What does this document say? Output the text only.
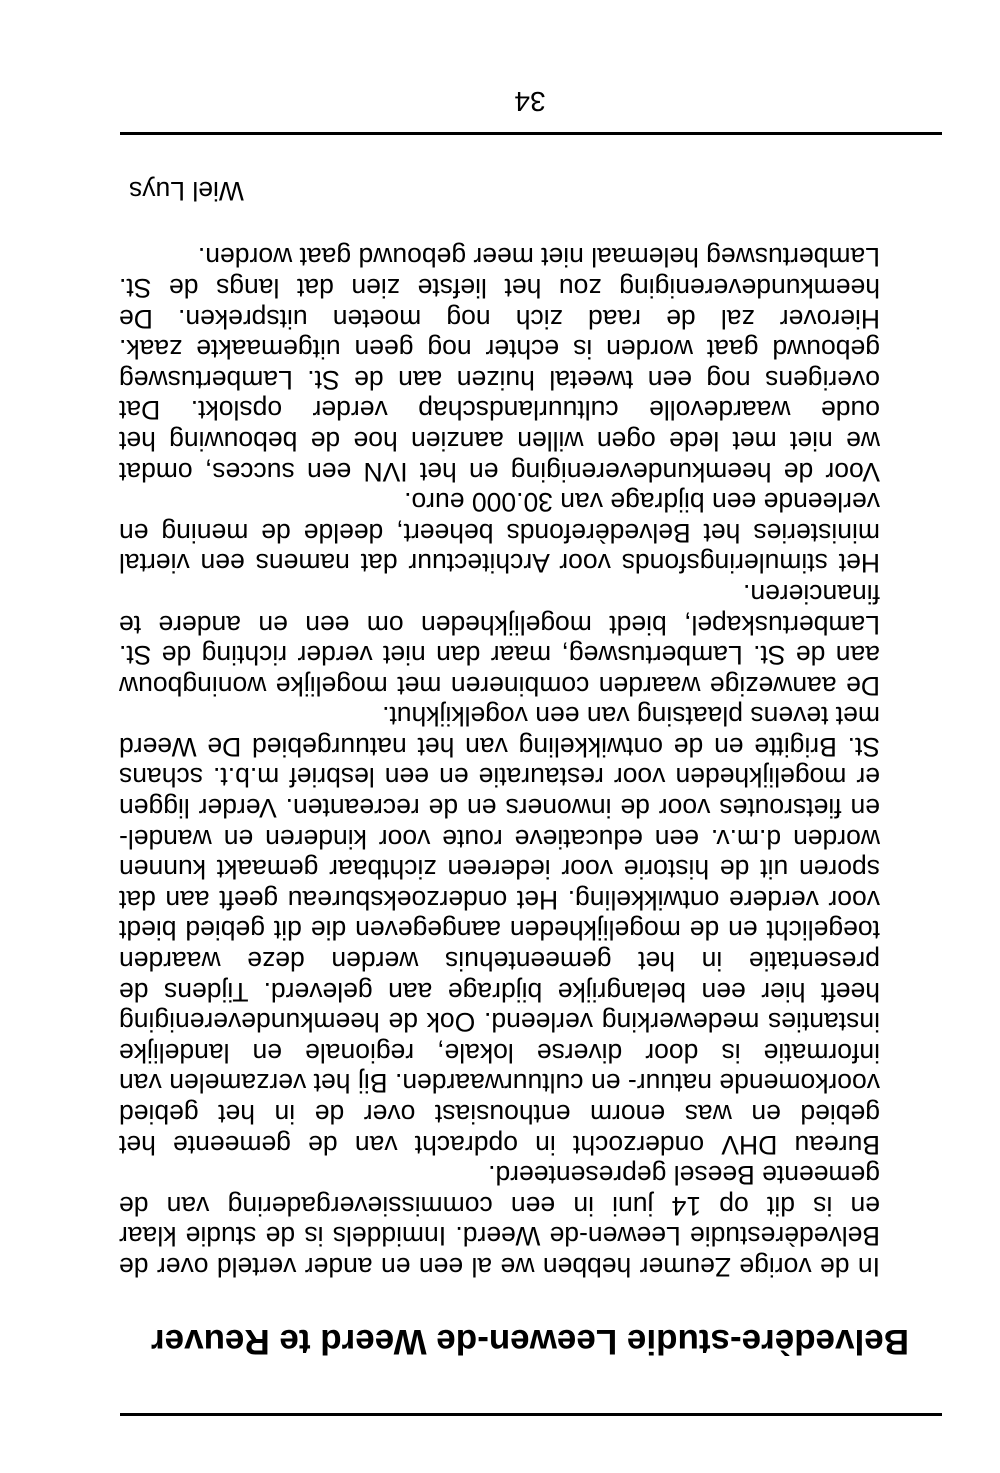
Belvedère-studie Leewen-de Weerd te Reuver

In de vorige Zeumer hebben we al een en ander verteld over de Belvedèrestudie Leewen-de Weerd. Inmiddels is de studie klaar en is dit op 14 juni in een commissievergadering van de gemeente Beesel gepresenteerd.

Bureau DHV onderzocht in opdracht van de gemeente het gebied en was enorm enthousiast over de in het gebied voorkomende natuur- en cultuurwaarden. Bij het verzamelen van informatie is door diverse lokale, regionale en landelijke instanties medewerking verleend. Ook de heemkundevereniging heeft hier een belangrijke bijdrage aan geleverd. Tijdens de presentatie in het gemeentehuis werden deze waarden toegelicht en de mogelijkheden aangegeven die dit gebied biedt voor verdere ontwikkeling. Het onderzoeksbureau geeft aan dat sporen uit de historie voor iedereen zichtbaar gemaakt kunnen worden d.m.v. een educatieve route voor kinderen en wandel- en fietsroutes voor de inwoners en de recreanten. Verder liggen er mogelijkheden voor restauratie en een lesbrief m.b.t. schans St. Brigitte en de ontwikkeling van het natuurgebied De Weerd met tevens plaatsing van een vogelkijkhut.

De aanwezige waarden combineren met mogelijke woningbouw aan de St. Lambertusweg, maar dan niet verder richting de St. Lambertuskapel, biedt mogelijkheden om een en andere te financieren.

Het stimuleringsfonds voor Architectuur dat namens een viertal ministeries het Belvedèrefonds beheert, deelde de mening en verleende een bijdrage van 30.000 euro.

Voor de heemkundevereniging en het IVN een succes, omdat we niet met lede ogen willen aanzien hoe de bebouwing het oude waardevolle cultuurlandschap verder opslokt. Dat overigens nog een tweetal huizen aan de St. Lambertusweg gebouwd gaat worden is echter nog geen uitgemaakte zaak. Hierover zal de raad zich nog moeten uitspreken. De heemkundevereniging zou het liefste zien dat langs de St. Lambertusweg helemaal niet meer gebouwd gaat worden.

Wiel Luys

34
